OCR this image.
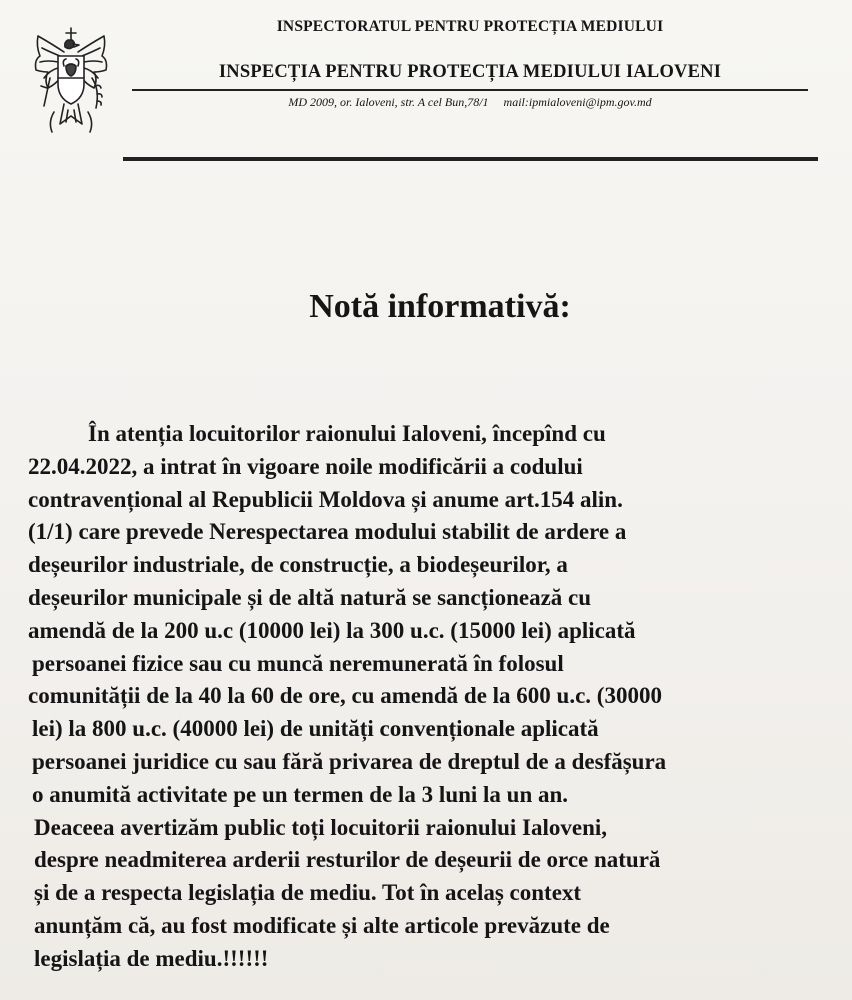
INSPECTORATUL PENTRU PROTECȚIA MEDIULUI
INSPECȚIA PENTRU PROTECȚIA MEDIULUI IALOVENI
MD 2009, or. Ialoveni, str. A cel Bun,78/1     mail:ipmialoveni@ipm.gov.md
Notă informativă:
În atenția locuitorilor raionului Ialoveni, începînd cu
22.04.2022, a intrat în vigoare noile modificării a codului
contravențional al Republicii Moldova și anume art.154 alin.
(1/1) care prevede Nerespectarea modului stabilit de ardere a
deșeurilor industriale, de construcție, a biodeșeurilor, a
deșeurilor municipale și de altă natură se sancționează cu
amendă de la 200 u.c (10000 lei) la 300 u.c. (15000 lei) aplicată
persoanei fizice sau cu muncă neremunerată în folosul
comunității de la 40 la 60 de ore, cu amendă de la 600 u.c. (30000
lei) la 800 u.c. (40000 lei) de unități convenționale aplicată
persoanei juridice cu sau fără privarea de dreptul de a desfășura
o anumită activitate pe un termen de la 3 luni la un an.
Deaceea avertizăm public toți locuitorii raionului Ialoveni,
despre neadmiterea arderii resturilor de deșeurii de orce natură
și de a respecta legislația de mediu. Tot în acelaș context
anunțăm că, au fost modificate și alte articole prevăzute de
legislația de mediu.!!!!!!
